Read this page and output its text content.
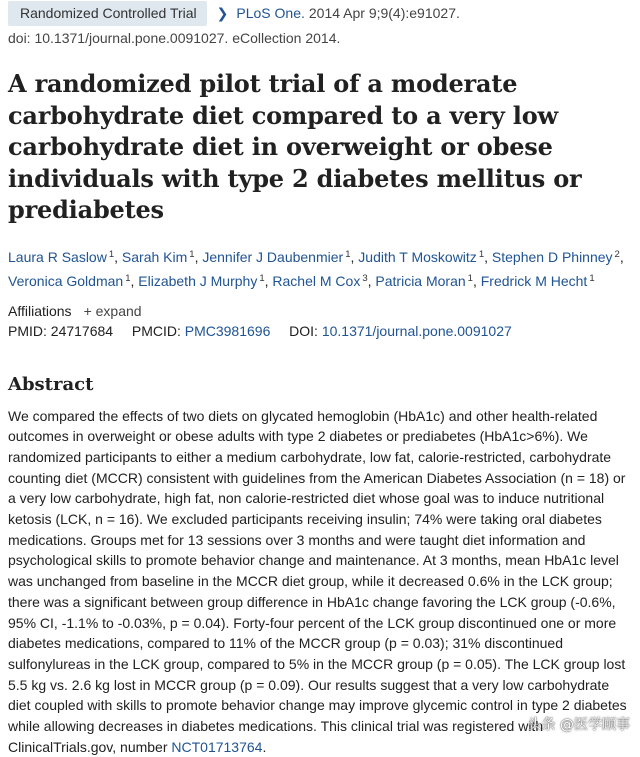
Randomized Controlled Trial	❯ PLoS One. 2014 Apr 9;9(4):e91027.
doi: 10.1371/journal.pone.0091027. eCollection 2014.
A randomized pilot trial of a moderate carbohydrate diet compared to a very low carbohydrate diet in overweight or obese individuals with type 2 diabetes mellitus or prediabetes
Laura R Saslow $^1$, Sarah Kim $^1$, Jennifer J Daubenmier $^1$, Judith T Moskowitz $^1$, Stephen D Phinney $^2$, Veronica Goldman $^1$, Elizabeth J Murphy $^1$, Rachel M Cox $^3$, Patricia Moran $^1$, Fredrick M Hecht $^1$
Affiliations + expand
PMID: 24717684 PMCID: PMC3981696 DOI: 10.1371/journal.pone.0091027
Abstract
We compared the effects of two diets on glycated hemoglobin (HbA1c) and other health-related outcomes in overweight or obese adults with type 2 diabetes or prediabetes (HbA1c>6%). We randomized participants to either a medium carbohydrate, low fat, calorie-restricted, carbohydrate counting diet (MCCR) consistent with guidelines from the American Diabetes Association (n = 18) or a very low carbohydrate, high fat, non calorie-restricted diet whose goal was to induce nutritional ketosis (LCK, n = 16). We excluded participants receiving insulin; 74% were taking oral diabetes medications. Groups met for 13 sessions over 3 months and were taught diet information and psychological skills to promote behavior change and maintenance. At 3 months, mean HbA1c level was unchanged from baseline in the MCCR diet group, while it decreased 0.6% in the LCK group; there was a significant between group difference in HbA1c change favoring the LCK group (-0.6%, 95% CI, -1.1% to -0.03%, p = 0.04). Forty-four percent of the LCK group discontinued one or more diabetes medications, compared to 11% of the MCCR group (p = 0.03); 31% discontinued sulfonylureas in the LCK group, compared to 5% in the MCCR group (p = 0.05). The LCK group lost 5.5 kg vs. 2.6 kg lost in MCCR group (p = 0.09). Our results suggest that a very low carbohydrate diet coupled with skills to promote behavior change may improve glycemic control in type 2 diabetes while allowing decreases in diabetes medications. This clinical trial was registered with ClinicalTrials.gov, number NCT01713764.
头条 @医学顾事
